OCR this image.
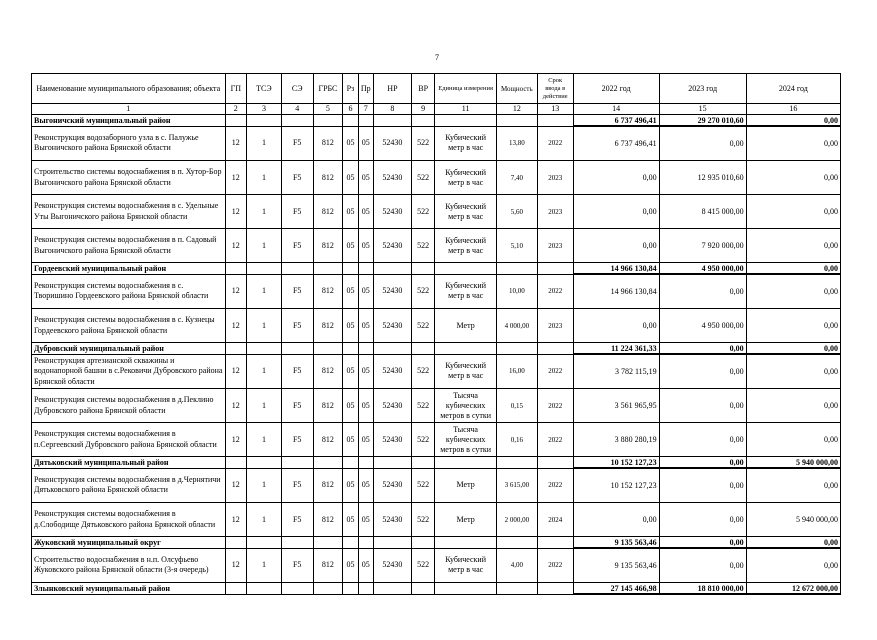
7
Наименование муниципального образования; объекта	ГП	ТСЭ	СЭ	ГРБС	Рз	Пр	НР	ВР	Единица измерения	Мощность	Срок ввода в действие	2022 год	2023 год	2024 год
1	2	3	4	5	6	7	8	9	11	12	13	14	15	16
Выгоничский муниципальный район												6 737 496,41	29 270 010,60	0,00
Реконструкция водозаборного узла в с. Палужье Выгоничского района Брянской области	12	1	F5	812	05	05	52430	522	Кубический метр в час	13,80	2022	6 737 496,41	0,00	0,00
Строительство системы водоснабжения в п. Хутор-Бор Выгоничского района Брянской области	12	1	F5	812	05	05	52430	522	Кубический метр в час	7,40	2023	0,00	12 935 010,60	0,00
Реконструкция системы водоснабжения в с. Удельные Уты Выгоничского района Брянской области	12	1	F5	812	05	05	52430	522	Кубический метр в час	5,60	2023	0,00	8 415 000,00	0,00
Реконструкция системы водоснабжения в п. Садовый Выгоничского района Брянской области	12	1	F5	812	05	05	52430	522	Кубический метр в час	5,10	2023	0,00	7 920 000,00	0,00
Гордеевский муниципальный район												14 966 130,84	4 950 000,00	0,00
Реконструкция системы водоснабжения в с. Творишино Гордеевского района Брянской области	12	1	F5	812	05	05	52430	522	Кубический метр в час	10,00	2022	14 966 130,84	0,00	0,00
Реконструкция системы водоснабжения в с. Кузнецы Гордеевского района Брянской области	12	1	F5	812	05	05	52430	522	Метр	4 000,00	2023	0,00	4 950 000,00	0,00
Дубровский муниципальный район												11 224 361,33	0,00	0,00
Реконструкция артезианской скважины и водонапорной башни в с.Рековичи Дубровского района Брянской области	12	1	F5	812	05	05	52430	522	Кубический метр в час	16,00	2022	3 782 115,19	0,00	0,00
Реконструкция системы водоснабжения в д.Пеклино Дубровского района Брянской области	12	1	F5	812	05	05	52430	522	Тысяча кубических метров в сутки	0,15	2022	3 561 965,95	0,00	0,00
Реконструкция системы водоснабжения в п.Сергеевский Дубровского района Брянской области	12	1	F5	812	05	05	52430	522	Тысяча кубических метров в сутки	0,16	2022	3 880 280,19	0,00	0,00
Дятьковский муниципальный район												10 152 127,23	0,00	5 940 000,00
Реконструкция системы водоснабжения в д.Чернятичи Дятьковского района Брянской области	12	1	F5	812	05	05	52430	522	Метр	3 615,00	2022	10 152 127,23	0,00	0,00
Реконструкция системы водоснабжения в д.Слободище Дятьковского района Брянской области	12	1	F5	812	05	05	52430	522	Метр	2 000,00	2024	0,00	0,00	5 940 000,00
Жуковский муниципальный округ												9 135 563,46	0,00	0,00
Строительство водоснабжения в н.п. Олсуфьево Жуковского района Брянской области (3-я очередь)	12	1	F5	812	05	05	52430	522	Кубический метр в час	4,00	2022	9 135 563,46	0,00	0,00
Злынковский муниципальный район												27 145 466,98	18 810 000,00	12 672 000,00
